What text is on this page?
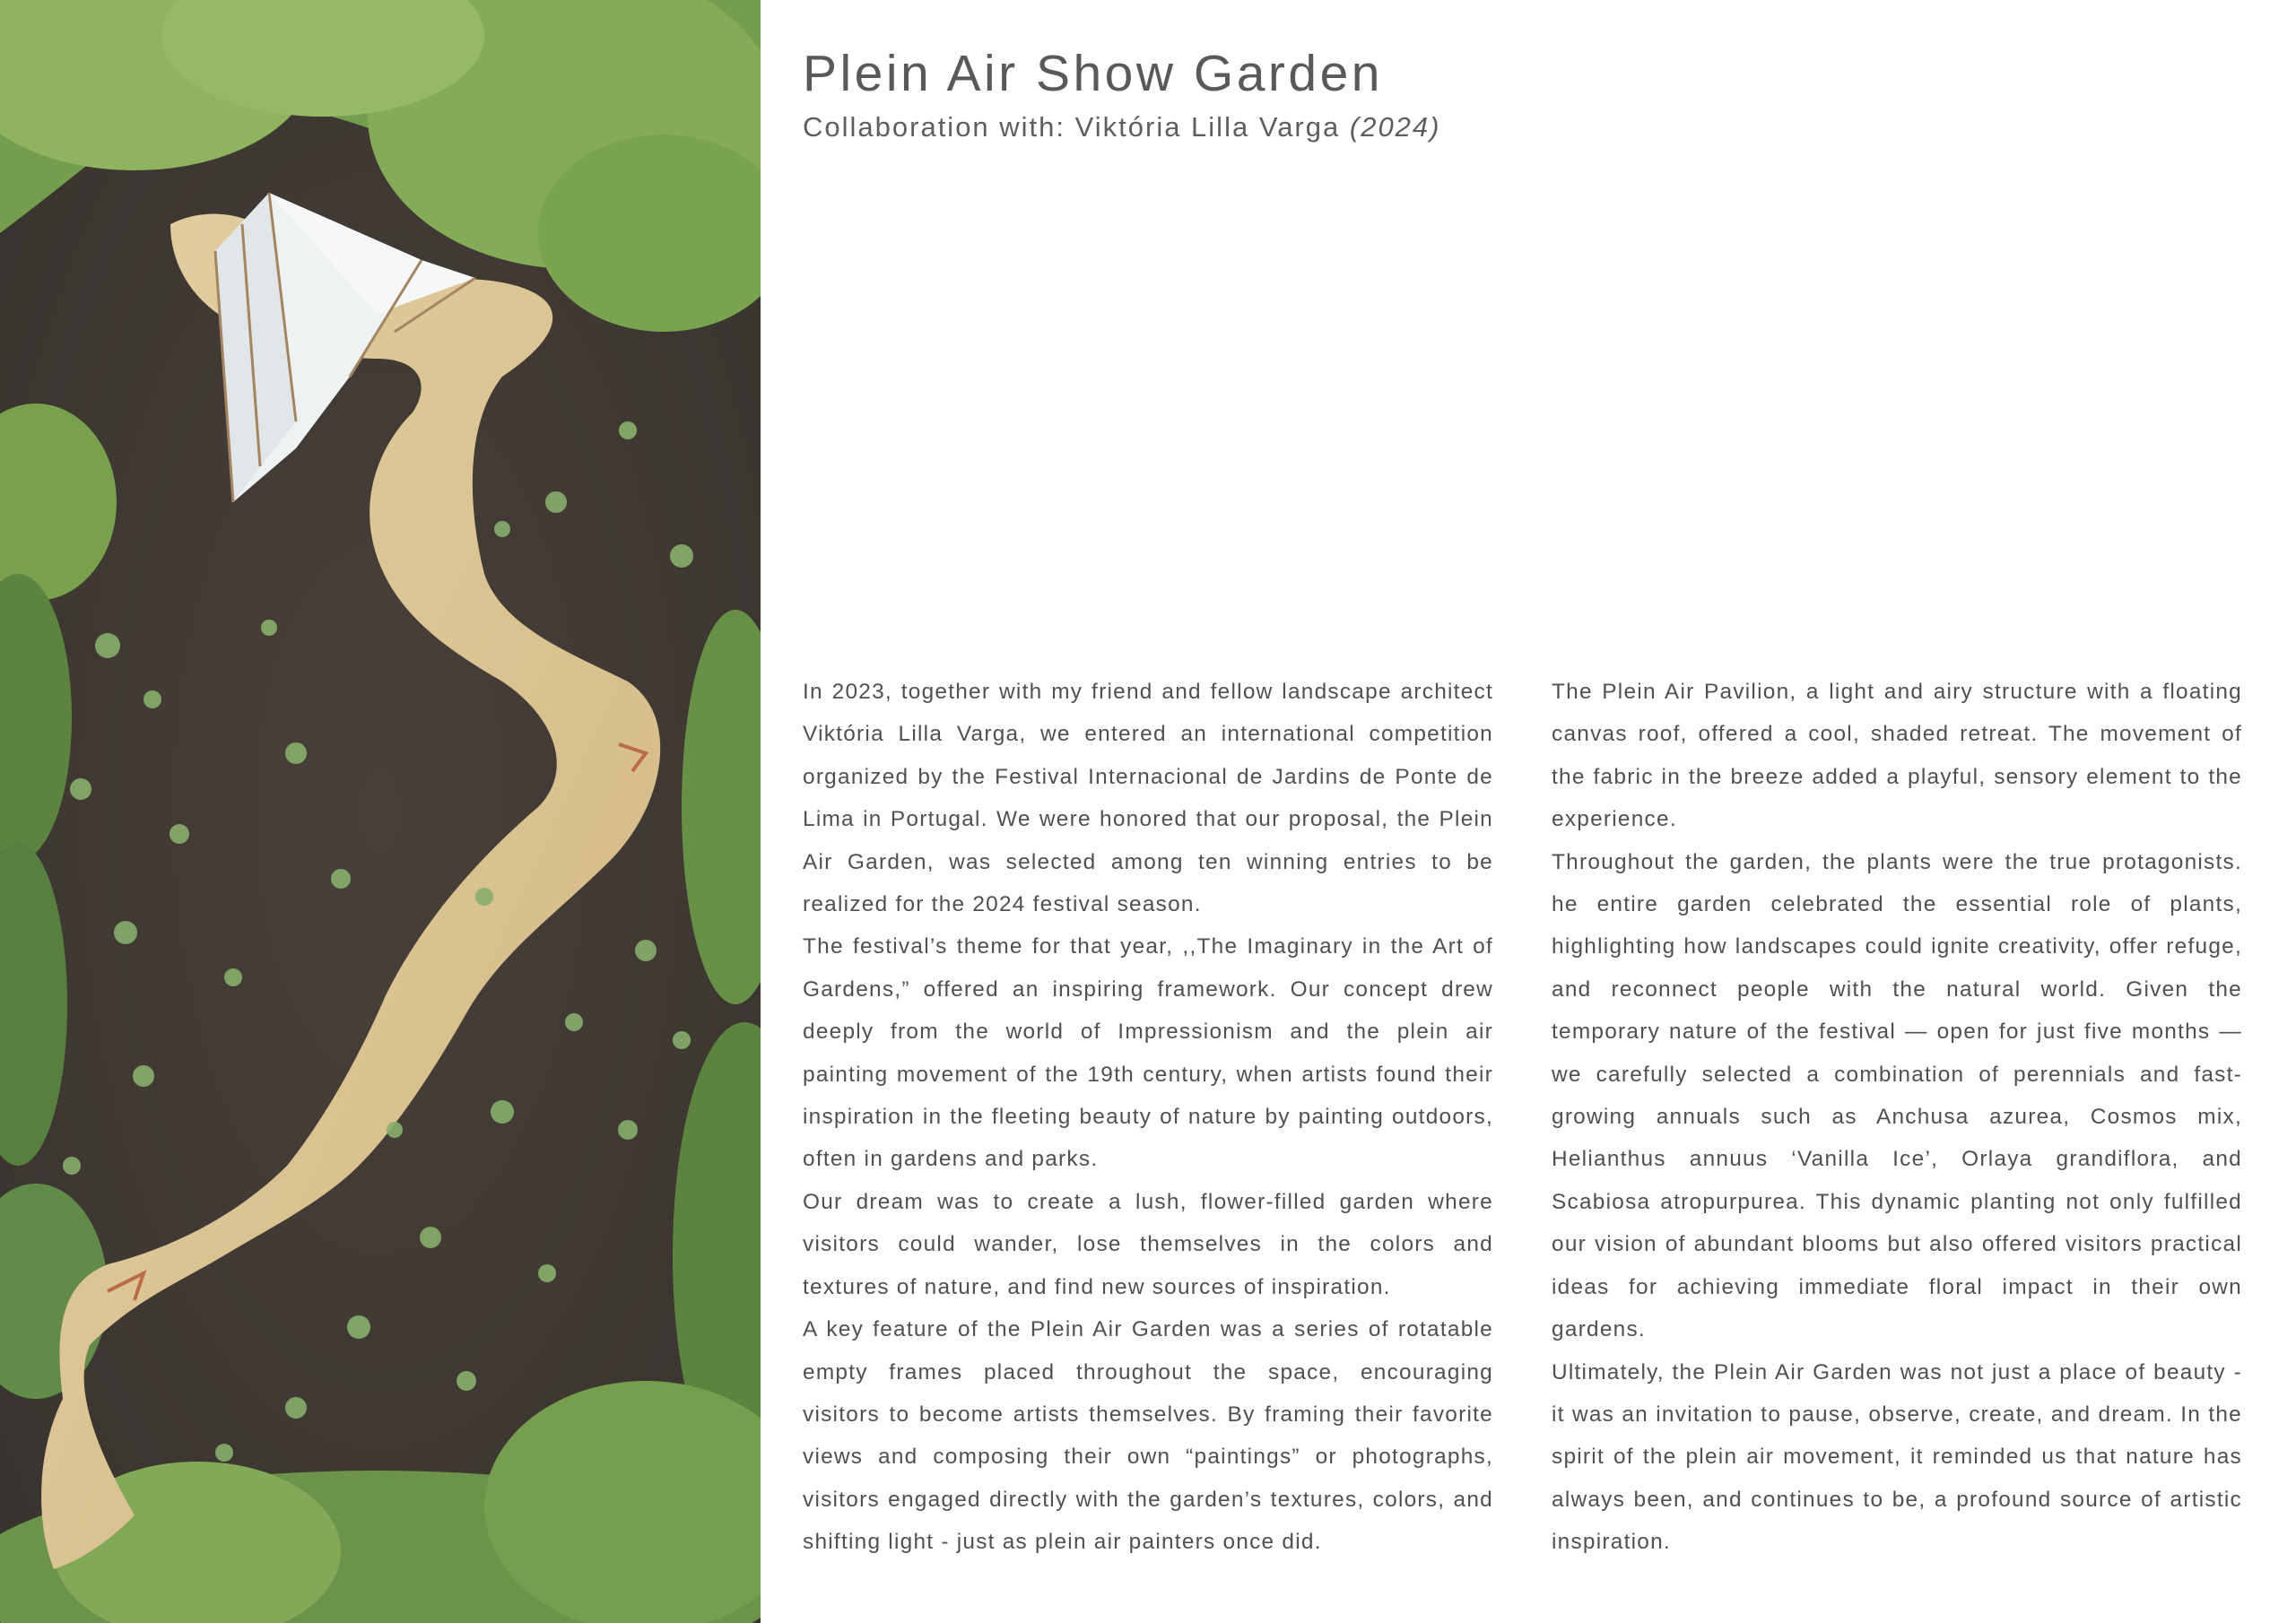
Plein Air Show Garden

Collaboration with: Viktória Lilla Varga (2024)

In 2023, together with my friend and fellow landscape architect Viktória Lilla Varga, we entered an international competition organized by the Festival Internacional de Jardins de Ponte de Lima in Portugal. We were honored that our proposal, the Plein Air Garden, was selected among ten winning entries to be realized for the 2024 festival season.

The festival’s theme for that year, ,,The Imaginary in the Art of Gardens,” offered an inspiring framework. Our concept drew deeply from the world of Impressionism and the plein air painting movement of the 19th century, when artists found their inspiration in the fleeting beauty of nature by painting outdoors, often in gardens and parks.

Our dream was to create a lush, flower-filled garden where visitors could wander, lose themselves in the colors and textures of nature, and find new sources of inspiration.

A key feature of the Plein Air Garden was a series of rotatable empty frames placed throughout the space, encouraging visitors to become artists themselves. By framing their favorite views and composing their own “paintings” or photographs, visitors engaged directly with the garden’s textures, colors, and shifting light - just as plein air painters once did.

The Plein Air Pavilion, a light and airy structure with a floating canvas roof, offered a cool, shaded retreat. The movement of the fabric in the breeze added a playful, sensory element to the experience.

Throughout the garden, the plants were the true protagonists. he entire garden celebrated the essential role of plants, highlighting how landscapes could ignite creativity, offer refuge, and reconnect people with the natural world. Given the temporary nature of the festival — open for just five months — we carefully selected a combination of perennials and fast-growing annuals such as Anchusa azurea, Cosmos mix, Helianthus annuus ‘Vanilla Ice’, Orlaya grandiflora, and Scabiosa atropurpurea. This dynamic planting not only fulfilled our vision of abundant blooms but also offered visitors practical ideas for achieving immediate floral impact in their own gardens.

Ultimately, the Plein Air Garden was not just a place of beauty - it was an invitation to pause, observe, create, and dream. In the spirit of the plein air movement, it reminded us that nature has always been, and continues to be, a profound source of artistic inspiration.
